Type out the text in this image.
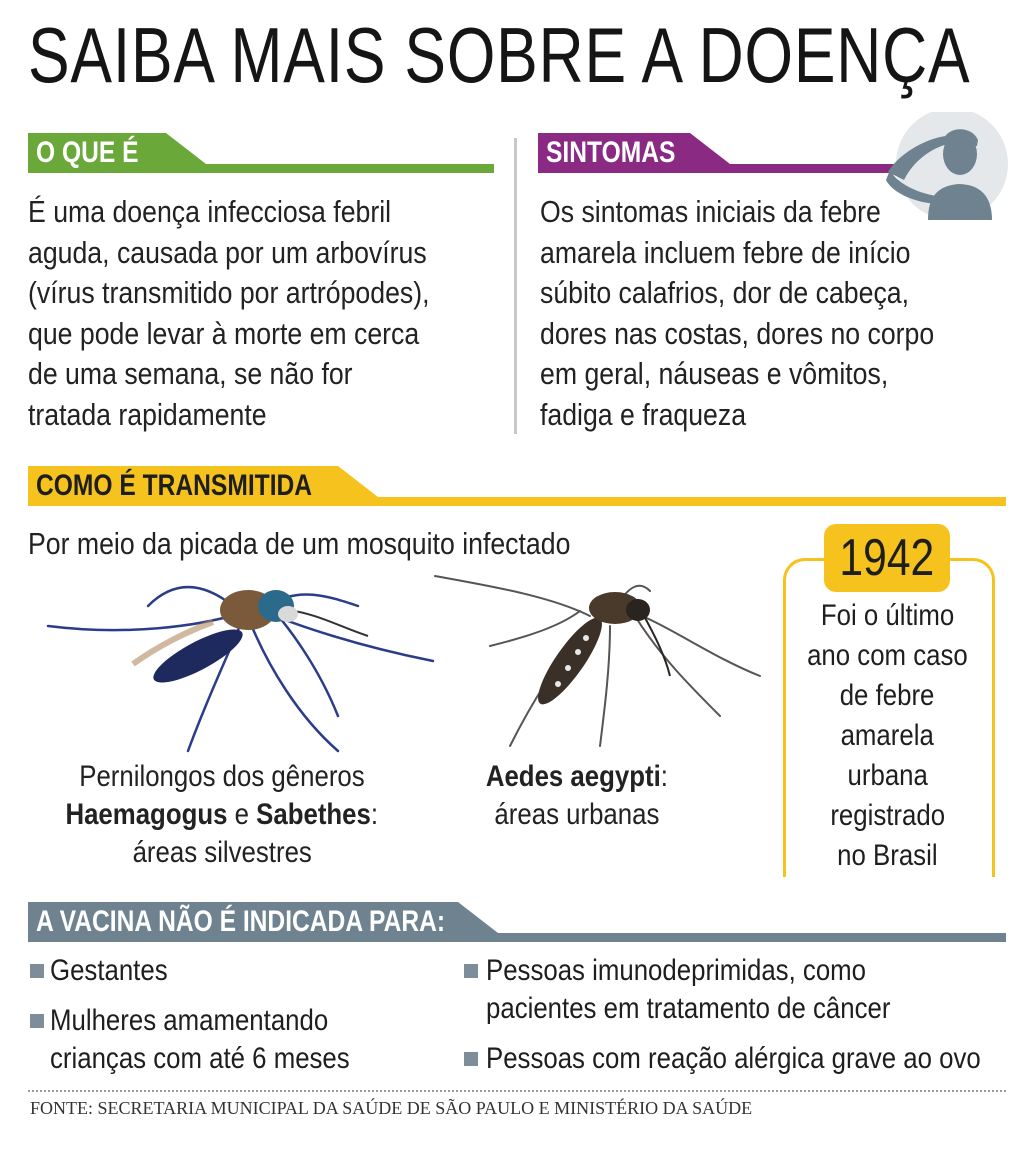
SAIBA MAIS SOBRE A DOENÇA
O QUE É
É uma doença infecciosa febril
aguda, causada por um arbovírus
(vírus transmitido por artrópodes),
que pode levar à morte em cerca
de uma semana, se não for
tratada rapidamente
SINTOMAS
Os sintomas iniciais da febre
amarela incluem febre de início
súbito calafrios, dor de cabeça,
dores nas costas, dores no corpo
em geral, náuseas e vômitos,
fadiga e fraqueza
COMO É TRANSMITIDA
Por meio da picada de um mosquito infectado
Pernilongos dos gêneros
Haemagogus e Sabethes:
áreas silvestres
Aedes aegypti:
áreas urbanas
1942
Foi o último
ano com caso
de febre
amarela
urbana
registrado
no Brasil
A VACINA NÃO É INDICADA PARA:
Gestantes
Mulheres amamentando
crianças com até 6 meses
Pessoas imunodeprimidas, como
pacientes em tratamento de câncer
Pessoas com reação alérgica grave ao ovo
FONTE: SECRETARIA MUNICIPAL DA SAÚDE DE SÃO PAULO E MINISTÉRIO DA SAÚDE
